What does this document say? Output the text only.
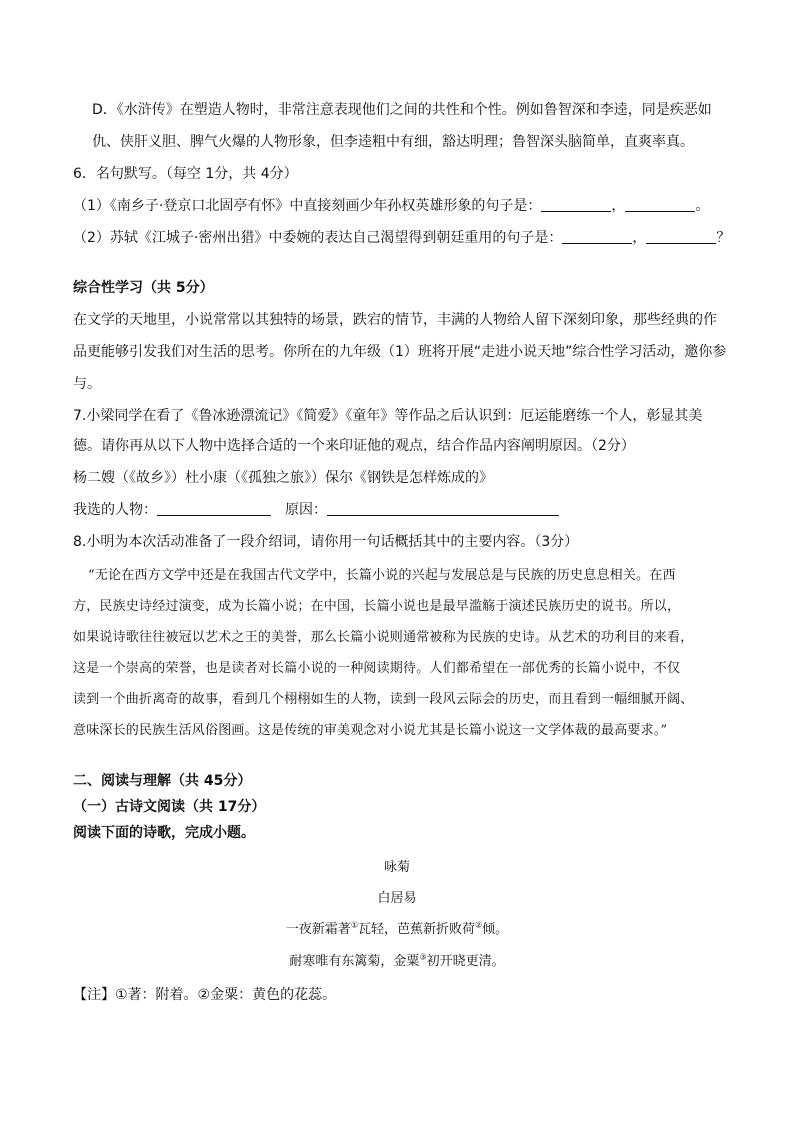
D．《水浒传》在塑造人物时，非常注意表现他们之间的共性和个性。例如鲁智深和李逵，同是疾恶如
仇、侠肝义胆、脾气火爆的人物形象，但李逵粗中有细，豁达明理；鲁智深头脑简单，直爽率真。
6．名句默写。（每空 1分，共 4分）
（1）《南乡子·登京口北固亭有怀》中直接刻画少年孙权英雄形象的句子是：	，	。
（2）苏轼《江城子·密州出猎》中委婉的表达自己渴望得到朝廷重用的句子是：	，	？
综合性学习（共 5分）
在文学的天地里，小说常常以其独特的场景，跌宕的情节，丰满的人物给人留下深刻印象，那些经典的作
品更能够引发我们对生活的思考。你所在的九年级（1）班将开展“走进小说天地”综合性学习活动，邀你参
与。
7.小梁同学在看了《鲁冰逊漂流记》《简爱》《童年》等作品之后认识到：厄运能磨练一个人，彰显其美
德。请你再从以下人物中选择合适的一个来印证他的观点，结合作品内容阐明原因。（2分）
杨二嫂（《故乡》）杜小康（《孤独之旅》）保尔《钢铁是怎样炼成的》
我选的人物：	原因：
8.小明为本次活动准备了一段介绍词，请你用一句话概括其中的主要内容。（3分）
“无论在西方文学中还是在我国古代文学中，长篇小说的兴起与发展总是与民族的历史息息相关。在西
方，民族史诗经过演变，成为长篇小说；在中国，长篇小说也是最早滥觞于演述民族历史的说书。所以，
如果说诗歌往往被冠以艺术之王的美誉，那么长篇小说则通常被称为民族的史诗。从艺术的功利目的来看，
这是一个崇高的荣誉，也是读者对长篇小说的一种阅读期待。人们都希望在一部优秀的长篇小说中，不仅
读到一个曲折离奇的故事，看到几个栩栩如生的人物，读到一段风云际会的历史，而且看到一幅细腻开阔、
意味深长的民族生活风俗图画。这是传统的审美观念对小说尤其是长篇小说这一文学体裁的最高要求。”
二、阅读与理解（共 45分）
（一）古诗文阅读（共 17分）
阅读下面的诗歌，完成小题。
咏菊
白居易
一夜新霜著①瓦轻，芭蕉新折败荷②倾。
耐寒唯有东篱菊，金粟③初开晓更清。
【注】①著：附着。②金粟：黄色的花蕊。
